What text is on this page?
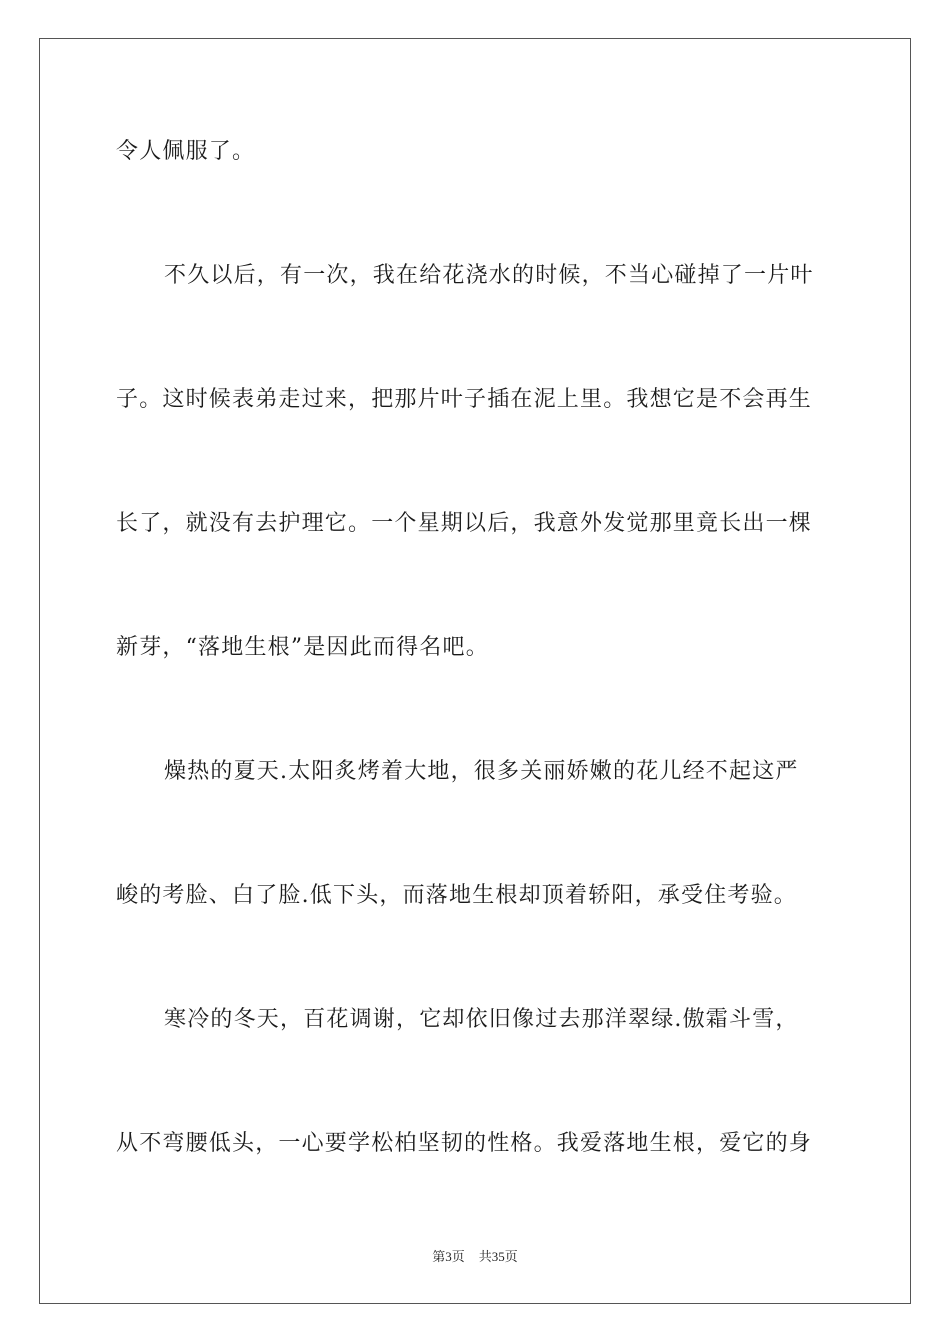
令人佩服了。
不久以后，有一次，我在给花浇水的时候，不当心碰掉了一片叶
子。这时候表弟走过来，把那片叶子插在泥上里。我想它是不会再生
长了，就没有去护理它。一个星期以后，我意外发觉那里竟长出一棵
新芽，“落地生根”是因此而得名吧。
燥热的夏天.太阳炙烤着大地，很多关丽娇嫩的花儿经不起这严
峻的考脸、白了脸.低下头，而落地生根却顶着轿阳，承受住考验。
寒冷的冬天，百花调谢，它却依旧像过去那洋翠绿.傲霜斗雪，
从不弯腰低头，一心要学松柏坚韧的性格。我爱落地生根，爱它的身
第3页 共35页
